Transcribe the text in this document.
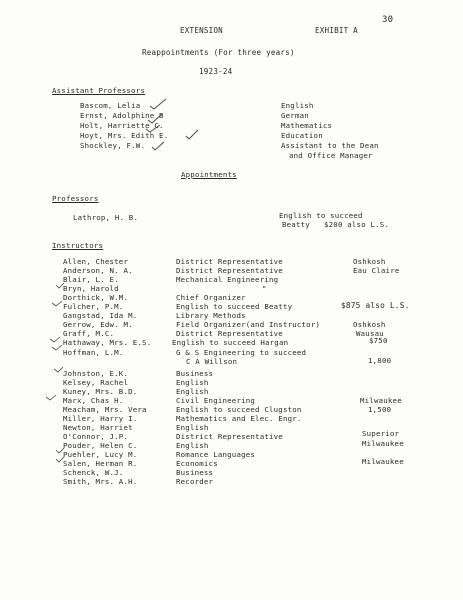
EXTENSION	EXHIBIT A
30
Reappointments (For three years)
1923-24
Assistant Professors
Bascom, Lelia	English
Ernst, Adolphine B	German
Holt, Harriette C.	Mathematics
Hoyt, Mrs. Edith E.	Education
Shockley, F.W.	Assistant to the Dean
and Office Manager
Appointments
Professors
Lathrop, H. B.	English to succeed
Beatty $200 also L.S.
Instructors
Allen, Chester	District Representative	Oshkosh
Anderson, N. A.	District Representative	Eau Claire
Blair, L. E.	Mechanical Engineering
Bryn, Harold	"
Dorthick, W.M.	Chief Organizer
Fulcher, P.M.	English to succeed Beatty	$875 also L.S.
Gangstad, Ida M.	Library Methods
Gerrow, Edw. M.	Field Organizer(and Instructor)	Oshkosh
Graff, M.C.	District Representative	Wausau
Hathaway, Mrs. E.S.	English to succeed Hargan	$750
Hoffman, L.M.	G & S Engineering to succeed
C A Willson	1,800
Johnston, E.K.	Business
Kelsey, Rachel	English
Kuney, Mrs. B.D.	English
Marx, Chas H.	Civil Engineering	Milwaukee
Meacham, Mrs. Vera	English to succeed Clugston	1,500
Miller, Harry I.	Mathematics and Elec. Engr.
Newton, Harriet	English
O'Connor, J.P.	District Representative	Superior
Pouder, Helen C.	English	Milwaukee
Puehler, Lucy M.	Romance Languages
Salen, Herman R.	Economics	Milwaukee
Schenck, W.J.	Business
Smith, Mrs. A.H.	Recorder
